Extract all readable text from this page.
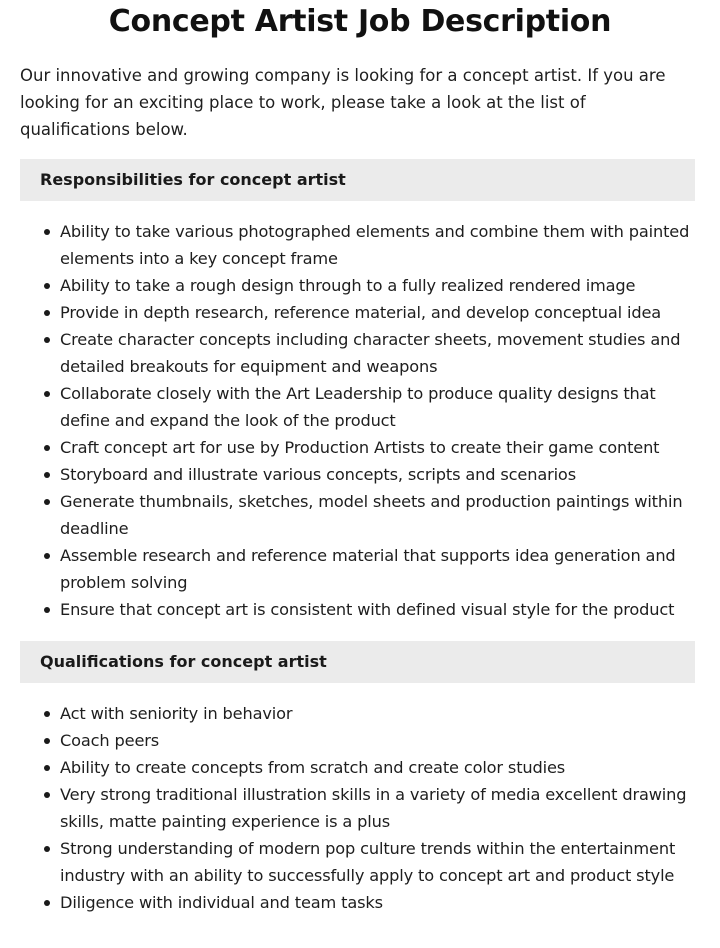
Concept Artist Job Description

Our innovative and growing company is looking for a concept artist. If you are looking for an exciting place to work, please take a look at the list of qualifications below.

Responsibilities for concept artist
Ability to take various photographed elements and combine them with painted elements into a key concept frame
Ability to take a rough design through to a fully realized rendered image
Provide in depth research, reference material, and develop conceptual idea
Create character concepts including character sheets, movement studies and detailed breakouts for equipment and weapons
Collaborate closely with the Art Leadership to produce quality designs that define and expand the look of the product
Craft concept art for use by Production Artists to create their game content
Storyboard and illustrate various concepts, scripts and scenarios
Generate thumbnails, sketches, model sheets and production paintings within deadline
Assemble research and reference material that supports idea generation and problem solving
Ensure that concept art is consistent with defined visual style for the product
Qualifications for concept artist
Act with seniority in behavior
Coach peers
Ability to create concepts from scratch and create color studies
Very strong traditional illustration skills in a variety of media excellent drawing skills, matte painting experience is a plus
Strong understanding of modern pop culture trends within the entertainment industry with an ability to successfully apply to concept art and product style
Diligence with individual and team tasks
